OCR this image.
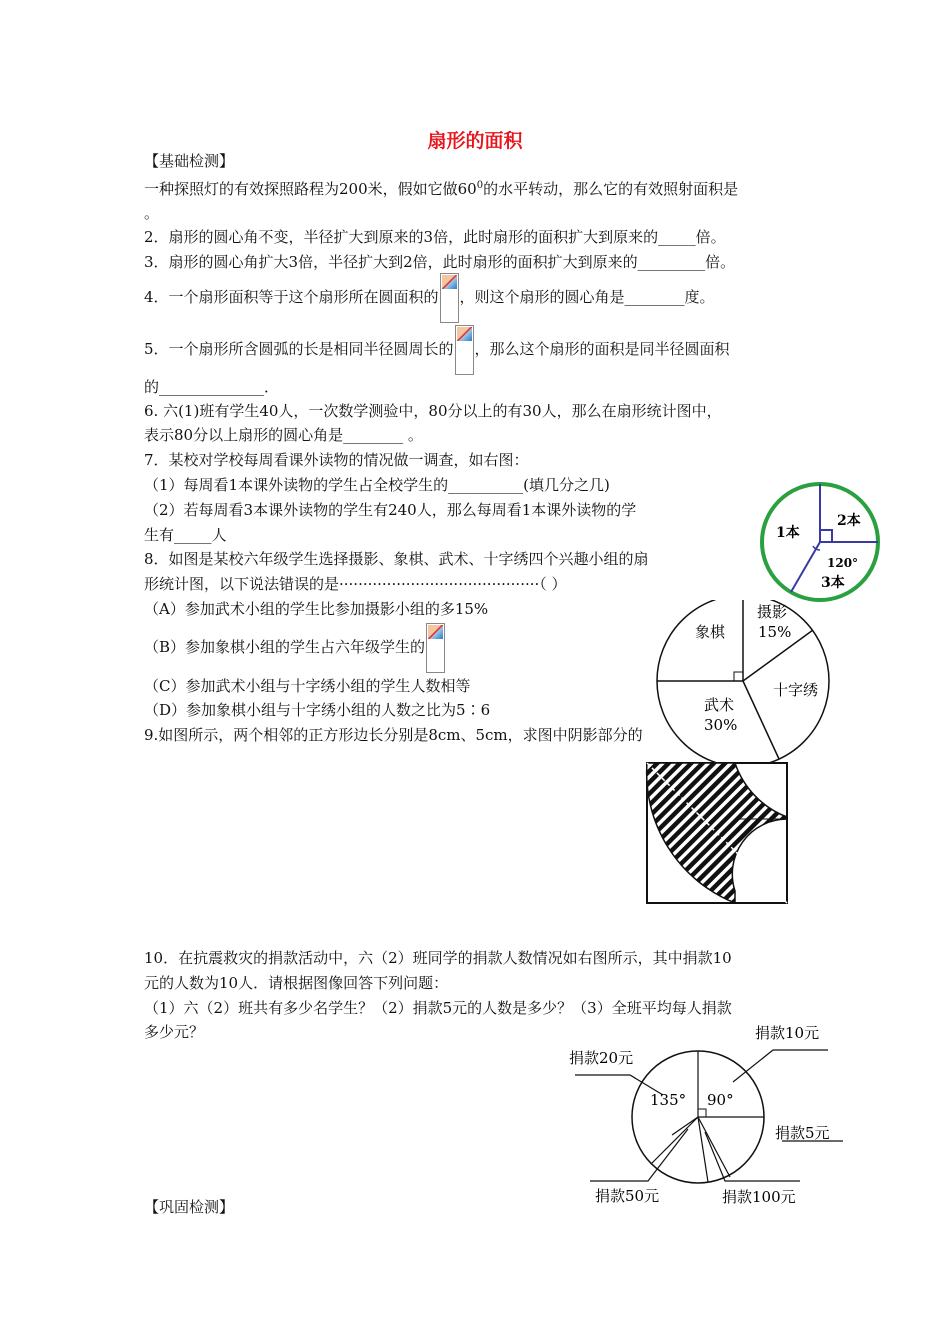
扇形的面积
【基础检测】
一种探照灯的有效探照路程为200米，假如它做$60^0$的水平转动，那么它的有效照射面积是
。
2．扇形的圆心角不变，半径扩大到原来的3倍，此时扇形的面积扩大到原来的_____倍。
3．扇形的圆心角扩大3倍，半径扩大到2倍，此时扇形的面积扩大到原来的_________倍。
4．一个扇形面积等于这个扇形所在圆面积的 ，则这个扇形的圆心角是________度。
5．一个扇形所含圆弧的长是相同半径圆周长的 ，那么这个扇形的面积是同半径圆面积
的______________．
6. 六(1)班有学生40人，一次数学测验中，80分以上的有30人，那么在扇形统计图中，
表示80分以上扇形的圆心角是________ 。
7．某校对学校每周看课外读物的情况做一调查，如右图：
（1）每周看1本课外读物的学生占全校学生的__________(填几分之几)
（2）若每周看3本课外读物的学生有240人，那么每周看1本课外读物的学
生有_____人
8．如图是某校六年级学生选择摄影、象棋、武术、十字绣四个兴趣小组的扇
形统计图，以下说法错误的是··········································（ ）
（A）参加武术小组的学生比参加摄影小组的多15%
（B）参加象棋小组的学生占六年级学生的
（C）参加武术小组与十字绣小组的学生人数相等
（D）参加象棋小组与十字绣小组的人数之比为5∶6
9.如图所示，两个相邻的正方形边长分别是8cm、5cm，求图中阴影部分的
10．在抗震救灾的捐款活动中，六（2）班同学的捐款人数情况如右图所示，其中捐款10
元的人数为10人．请根据图像回答下列问题：
（1）六（2）班共有多少名学生？（2）捐款5元的人数是多少？（3）全班平均每人捐款
多少元？
【巩固检测】
1本
2本
120°
3本
象棋
摄影
15%
十字绣
武术
30%
捐款20元
捐款10元
捐款5元
捐款50元	捐款100元
135° 90°
